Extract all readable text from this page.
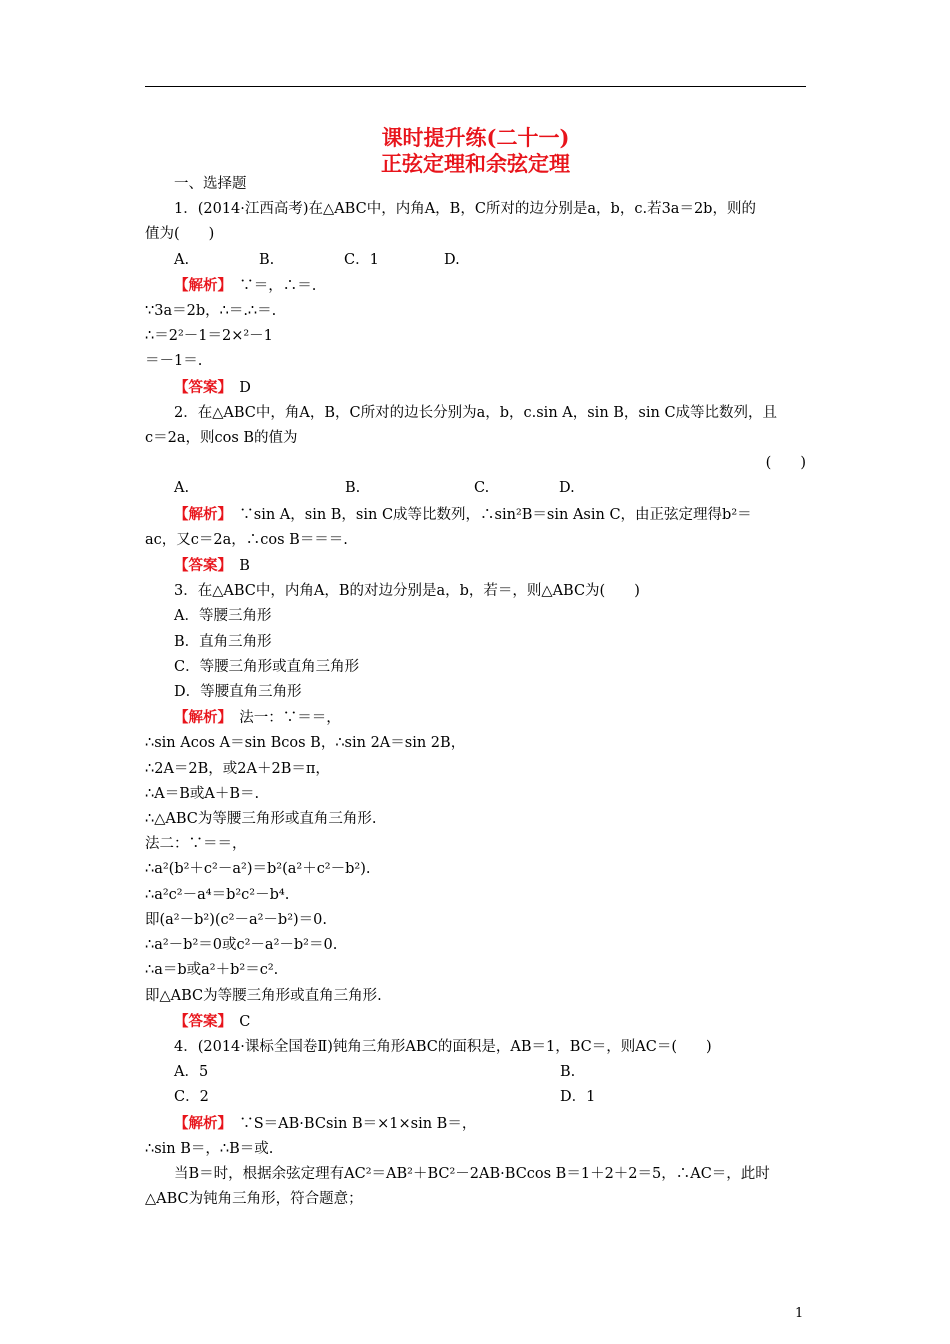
课时提升练(二十一)
正弦定理和余弦定理
一、选择题
1．(2014·江西高考)在△ABC中，内角A，B，C所对的边分别是a，b，c.若3a＝2b，则的
值为(　　)
A.	B.	C．1	D.
【解析】　 ∵＝，∴＝.
∵3a＝2b，∴＝.∴＝.
∴＝2²－1＝2×²－1
＝－1＝.
【答案】　 D
2．在△ABC中，角A，B，C所对的边长分别为a，b，c.sin A，sin B，sin C成等比数列，且
c＝2a，则cos B的值为
(　　)
A.	B.	C.	D.
【解析】　 ∵sin A，sin B，sin C成等比数列，∴sin²B＝sin Asin C，由正弦定理得b²＝
ac，又c＝2a，∴cos B＝＝＝.
【答案】　 B
3．在△ABC中，内角A，B的对边分别是a，b，若＝，则△ABC为(　　)
A．等腰三角形
B．直角三角形
C．等腰三角形或直角三角形
D．等腰直角三角形
【解析】　 法一：∵＝＝，
∴sin Acos A＝sin Bcos B，∴sin 2A＝sin 2B，
∴2A＝2B，或2A＋2B＝π，
∴A＝B或A＋B＝.
∴△ABC为等腰三角形或直角三角形.
法二：∵＝＝，
∴a²(b²＋c²－a²)＝b²(a²＋c²－b²).
∴a²c²－a⁴＝b²c²－b⁴.
即(a²－b²)(c²－a²－b²)＝0.
∴a²－b²＝0或c²－a²－b²＝0.
∴a＝b或a²＋b²＝c².
即△ABC为等腰三角形或直角三角形.
【答案】　 C
4．(2014·课标全国卷Ⅱ)钝角三角形ABC的面积是，AB＝1，BC＝，则AC＝(　　)
A．5	B.
C．2	D．1
【解析】　 ∵S＝AB·BCsin B＝×1×sin B＝，
∴sin B＝，∴B＝或.
当B＝时，根据余弦定理有AC²＝AB²＋BC²－2AB·BCcos B＝1＋2＋2＝5，∴AC＝，此时
△ABC为钝角三角形，符合题意；
1
